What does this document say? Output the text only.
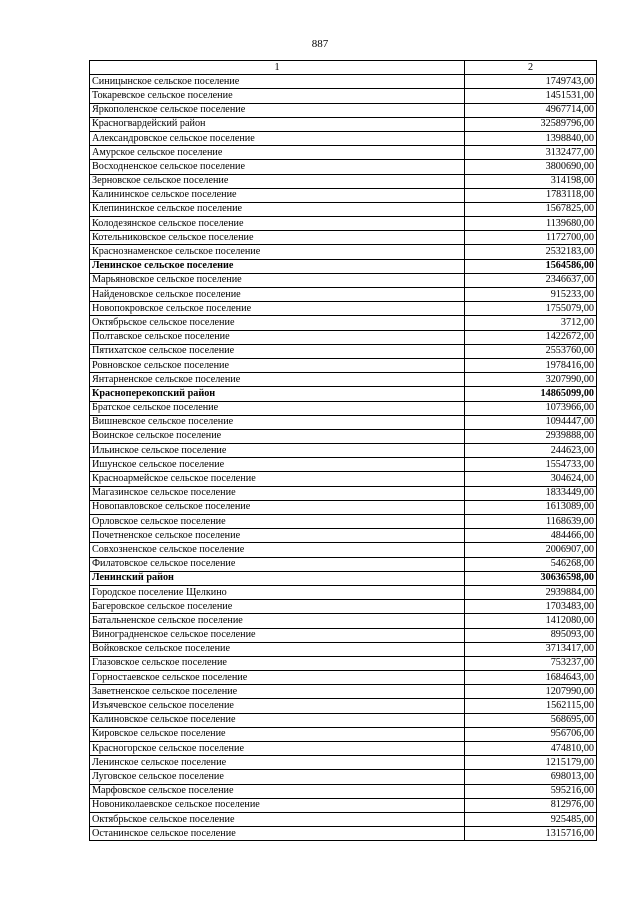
887
1	2
Синицынское сельское поселение	1749743,00
Токаревское сельское поселение	1451531,00
Яркополенское сельское поселение	4967714,00
Красногвардейский район	32589796,00
Александровское сельское поселение	1398840,00
Амурское сельское поселение	3132477,00
Восходненское сельское поселение	3800690,00
Зерновское сельское поселение	314198,00
Калининское сельское поселение	1783118,00
Клепининское сельское поселение	1567825,00
Колодезянское сельское поселение	1139680,00
Котельниковское сельское поселение	1172700,00
Краснознаменское сельское поселение	2532183,00
Ленинское сельское поселение	1564586,00
Марьяновское сельское поселение	2346637,00
Найденовское сельское поселение	915233,00
Новопокровское сельское поселение	1755079,00
Октябрьское сельское поселение	3712,00
Полтавское сельское поселение	1422672,00
Пятихатское сельское поселение	2553760,00
Ровновское сельское поселение	1978416,00
Янтарненское сельское поселение	3207990,00
Красноперекопский район	14865099,00
Братское сельское поселение	1073966,00
Вишневское сельское поселение	1094447,00
Воинское сельское поселение	2939888,00
Ильинское сельское поселение	244623,00
Ишунское сельское поселение	1554733,00
Красноармейское сельское поселение	304624,00
Магазинское сельское поселение	1833449,00
Новопавловское сельское поселение	1613089,00
Орловское сельское поселение	1168639,00
Почетненское сельское поселение	484466,00
Совхозненское сельское поселение	2006907,00
Филатовское сельское поселение	546268,00
Ленинский район	30636598,00
Городское поселение Щелкино	2939884,00
Багеровское сельское поселение	1703483,00
Батальненское сельское поселение	1412080,00
Виноградненское сельское поселение	895093,00
Войковское сельское поселение	3713417,00
Глазовское сельское поселение	753237,00
Горностаевское сельское поселение	1684643,00
Заветненское сельское поселение	1207990,00
Изъячевское сельское поселение	1562115,00
Калиновское сельское поселение	568695,00
Кировское сельское поселение	956706,00
Красногорское сельское поселение	474810,00
Ленинское сельское поселение	1215179,00
Луговское сельское поселение	698013,00
Марфовское сельское поселение	595216,00
Новониколаевское сельское поселение	812976,00
Октябрьское сельское поселение	925485,00
Останинское сельское поселение	1315716,00
